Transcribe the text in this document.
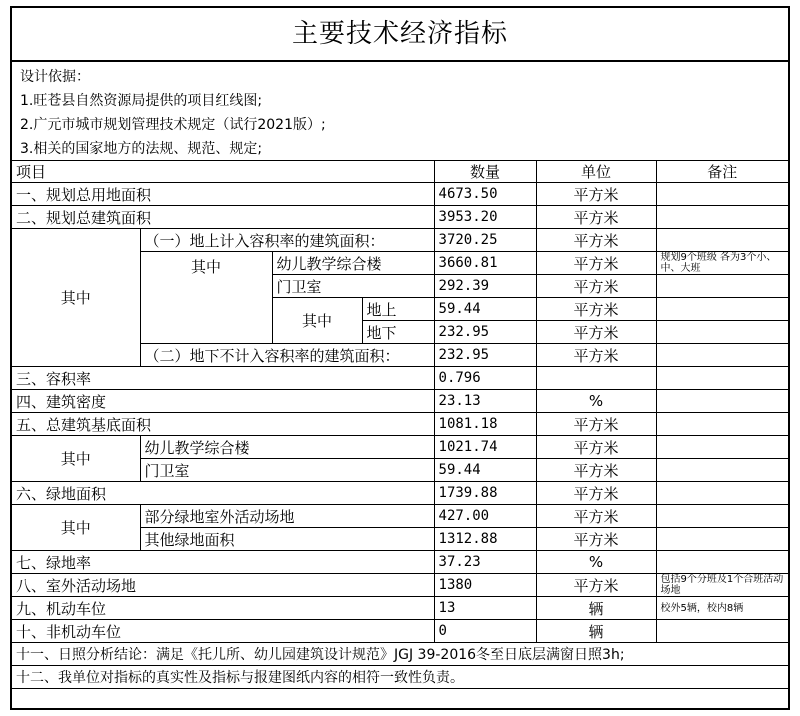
主要技术经济指标
设计依据：
1.旺苍县自然资源局提供的项目红线图;
2.广元市城市规划管理技术规定（试行2021版）;
3.相关的国家地方的法规、规范、规定;
项目				数量	单位	备注
一、规划总用地面积				4673.50	平方米	
二、规划总建筑面积				3953.20	平方米	
其中	（一）地上计入容积率的建筑面积：			3720.25	平方米	
	其中	幼儿教学综合楼		3660.81	平方米	规划9个班级 各为3个小、中、大班
		门卫室		292.39	平方米	
		其中	地上	59.44	平方米	
			地下	232.95	平方米	
	（二）地下不计入容积率的建筑面积：			232.95	平方米	
三、容积率				0.796		
四、建筑密度				23.13	%	
五、总建筑基底面积				1081.18	平方米	
其中	幼儿教学综合楼			1021.74	平方米	
	门卫室			59.44	平方米	
六、绿地面积				1739.88	平方米	
其中	部分绿地室外活动场地			427.00	平方米	
	其他绿地面积			1312.88	平方米	
七、绿地率				37.23	%	
八、室外活动场地				1380	平方米	包括9个分班及1个合班活动场地
九、机动车位				13	辆	校外5辆，校内8辆
十、非机动车位				0	辆	
十一、日照分析结论：满足《托儿所、幼儿园建筑设计规范》JGJ 39-2016冬至日底层满窗日照3h;						
十二、我单位对指标的真实性及指标与报建图纸内容的相符一致性负责。						
